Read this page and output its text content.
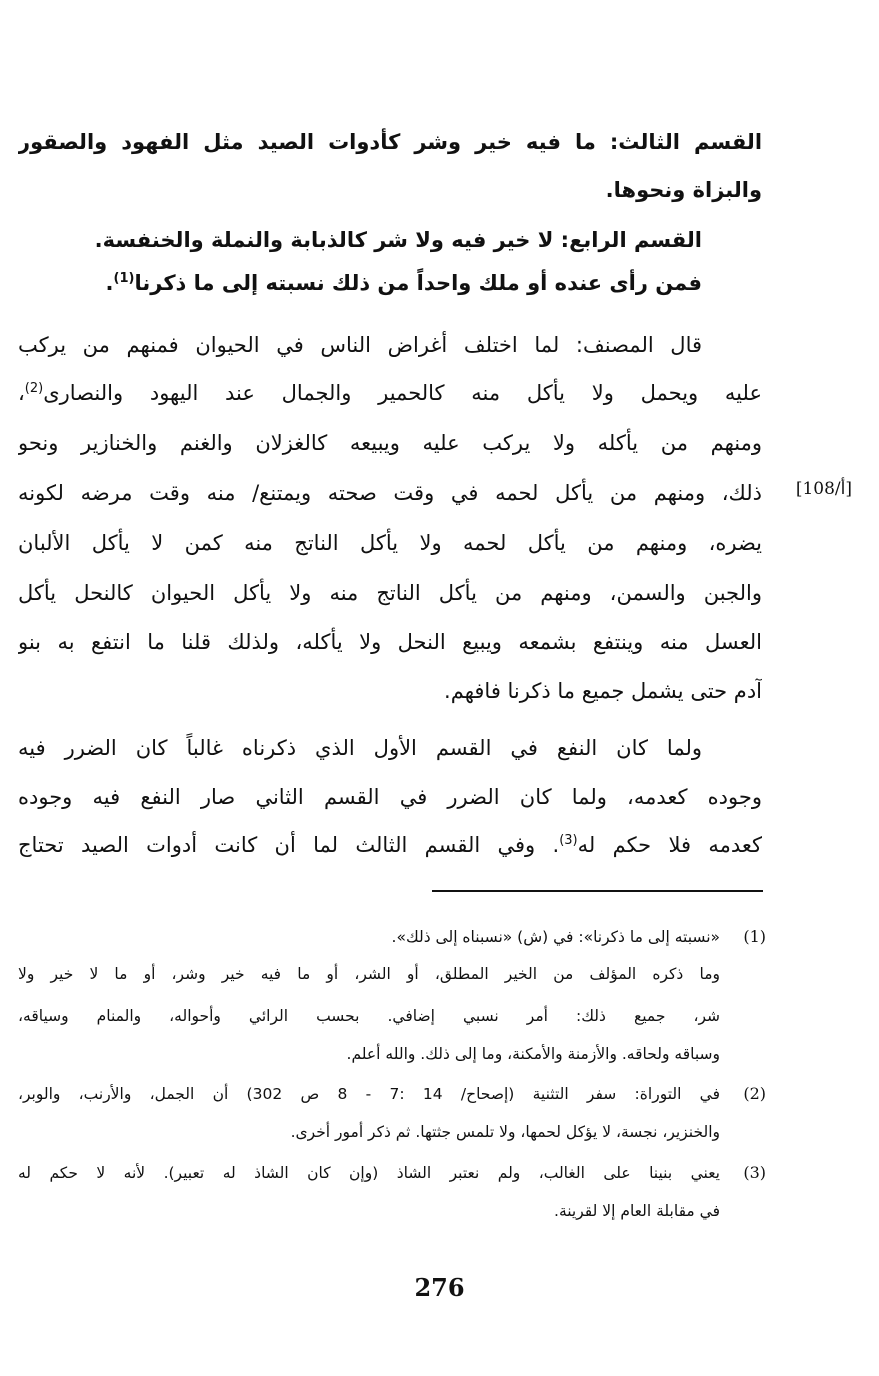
القسم الثالث: ما فيه خير وشر كأدوات الصيد مثل الفهود والصقور
والبزاة ونحوها.
القسم الرابع: لا خير فيه ولا شر كالذبابة والنملة والخنفسة.
فمن رأى عنده أو ملك واحداً من ذلك نسبته إلى ما ذكرنا$^{(1)}$.
قال المصنف: لما اختلف أغراض الناس في الحيوان فمنهم من يركب
عليه ويحمل ولا يأكل منه كالحمير والجمال عند اليهود والنصارى$^{(2)}$،
ومنهم من يأكله ولا يركب عليه ويبيعه كالغزلان والغنم والخنازير ونحو
ذلك، ومنهم من يأكل لحمه في وقت صحته ويمتنع/ منه وقت مرضه لكونه	[108/أ]
يضره، ومنهم من يأكل لحمه ولا يأكل الناتج منه كمن لا يأكل الألبان
والجبن والسمن، ومنهم من يأكل الناتج منه ولا يأكل الحيوان كالنحل يأكل
العسل منه وينتفع بشمعه ويبيع النحل ولا يأكله، ولذلك قلنا ما انتفع به بنو
آدم حتى يشمل جميع ما ذكرنا فافهم.
ولما كان النفع في القسم الأول الذي ذكرناه غالباً كان الضرر فيه
وجوده كعدمه، ولما كان الضرر في القسم الثاني صار النفع فيه وجوده
كعدمه فلا حكم له$^{(3)}$. وفي القسم الثالث لما أن كانت أدوات الصيد تحتاج
(1)
«نسبته إلى ما ذكرنا»: في (ش) «نسبناه إلى ذلك».
وما ذكره المؤلف من الخير المطلق، أو الشر، أو ما فيه خير وشر، أو ما لا خير ولا
شر، جميع ذلك: أمر نسبي إضافي. بحسب الرائي وأحواله، والمنام وسياقه،
وسباقه ولحاقه. والأزمنة والأمكنة، وما إلى ذلك. والله أعلم.
(2)
في التوراة: سفر التثنية (إصحاح/ 14 :7 - 8 ص 302) أن الجمل، والأرنب، والوبر،
والخنزير، نجسة، لا يؤكل لحمها، ولا تلمس جثتها. ثم ذكر أمور أخرى.
(3)
يعني بنينا على الغالب، ولم نعتبر الشاذ (وإن كان الشاذ له تعبير). لأنه لا حكم له
في مقابلة العام إلا لقرينة.
276
